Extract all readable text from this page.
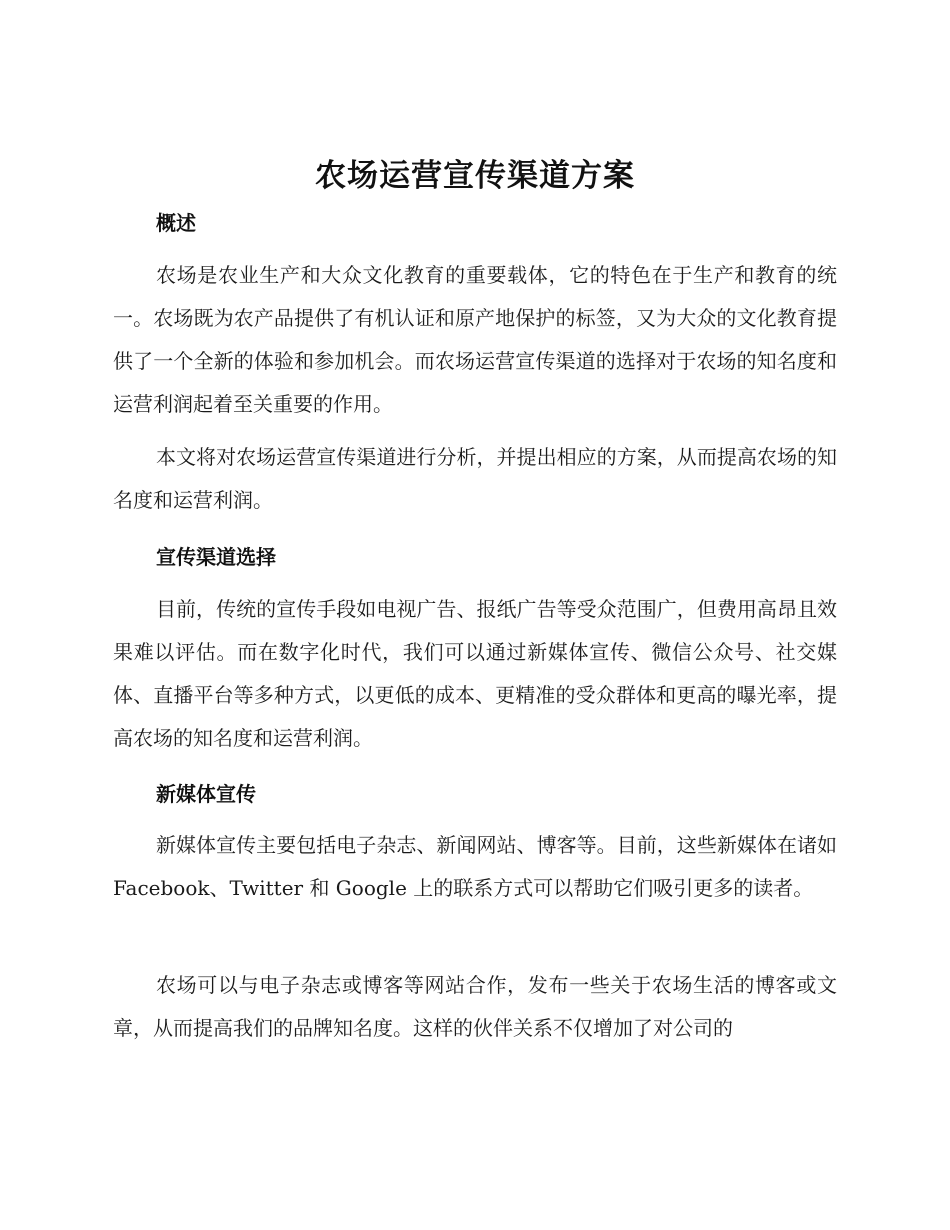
农场运营宣传渠道方案
概述

农场是农业生产和大众文化教育的重要载体，它的特色在于生产和教育的统一。农场既为农产品提供了有机认证和原产地保护的标签，又为大众的文化教育提供了一个全新的体验和参加机会。而农场运营宣传渠道的选择对于农场的知名度和运营利润起着至关重要的作用。

本文将对农场运营宣传渠道进行分析，并提出相应的方案，从而提高农场的知名度和运营利润。

宣传渠道选择

目前，传统的宣传手段如电视广告、报纸广告等受众范围广，但费用高昂且效果难以评估。而在数字化时代，我们可以通过新媒体宣传、微信公众号、社交媒体、直播平台等多种方式，以更低的成本、更精准的受众群体和更高的曝光率，提高农场的知名度和运营利润。

新媒体宣传

新媒体宣传主要包括电子杂志、新闻网站、博客等。目前，这些新媒体在诸如 Facebook、Twitter 和 Google 上的联系方式可以帮助它们吸引更多的读者。

农场可以与电子杂志或博客等网站合作，发布一些关于农场生活的博客或文章，从而提高我们的品牌知名度。这样的伙伴关系不仅增加了对公司的
